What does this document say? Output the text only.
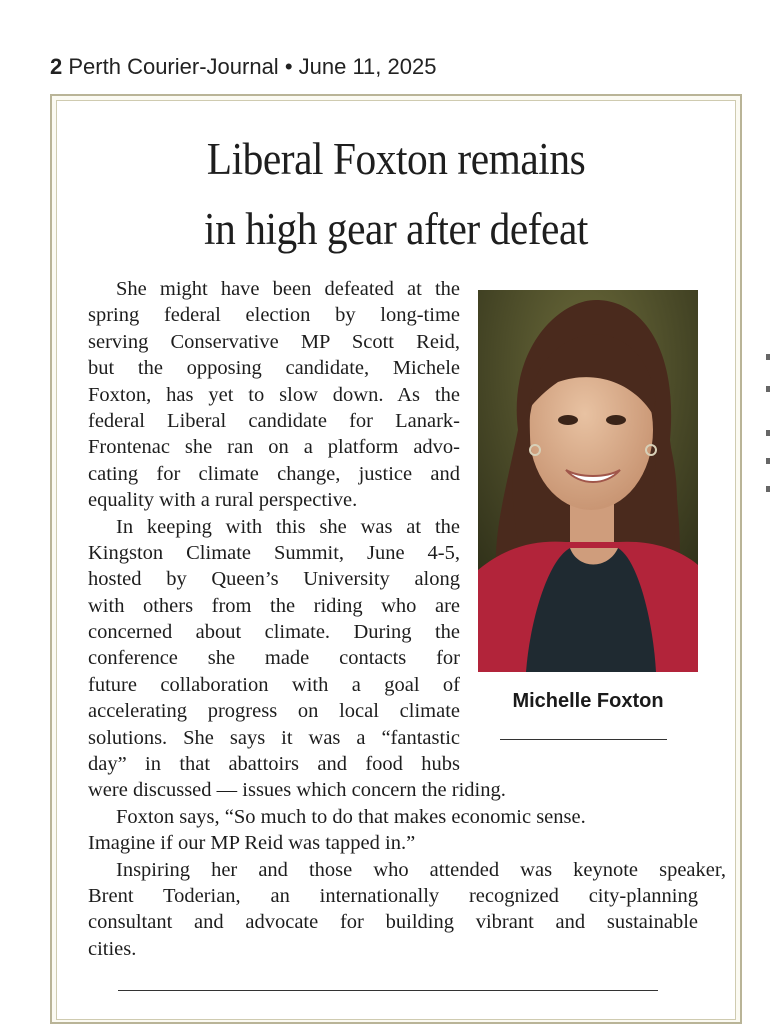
2 Perth Courier-Journal • June 11, 2025
Liberal Foxton remains
in high gear after defeat
Michelle Foxton
She might have been defeated at the
spring federal election by long-time
serving Conservative MP Scott Reid,
but the opposing candidate, Michele
Foxton, has yet to slow down. As the
federal Liberal candidate for Lanark-
Frontenac she ran on a platform advo-
cating for climate change, justice and
equality with a rural perspective.
In keeping with this she was at the
Kingston Climate Summit, June 4-5,
hosted by Queen’s University along
with others from the riding who are
concerned about climate. During the
conference she made contacts for
future collaboration with a goal of
accelerating progress on local climate
solutions. She says it was a “fantastic
day” in that abattoirs and food hubs
were discussed — issues which concern the riding.
Foxton says, “So much to do that makes economic sense.
Imagine if our MP Reid was tapped in.”
Inspiring her and those who attended was keynote speaker,
Brent Toderian, an internationally recognized city-planning
consultant and advocate for building vibrant and sustainable
cities.
